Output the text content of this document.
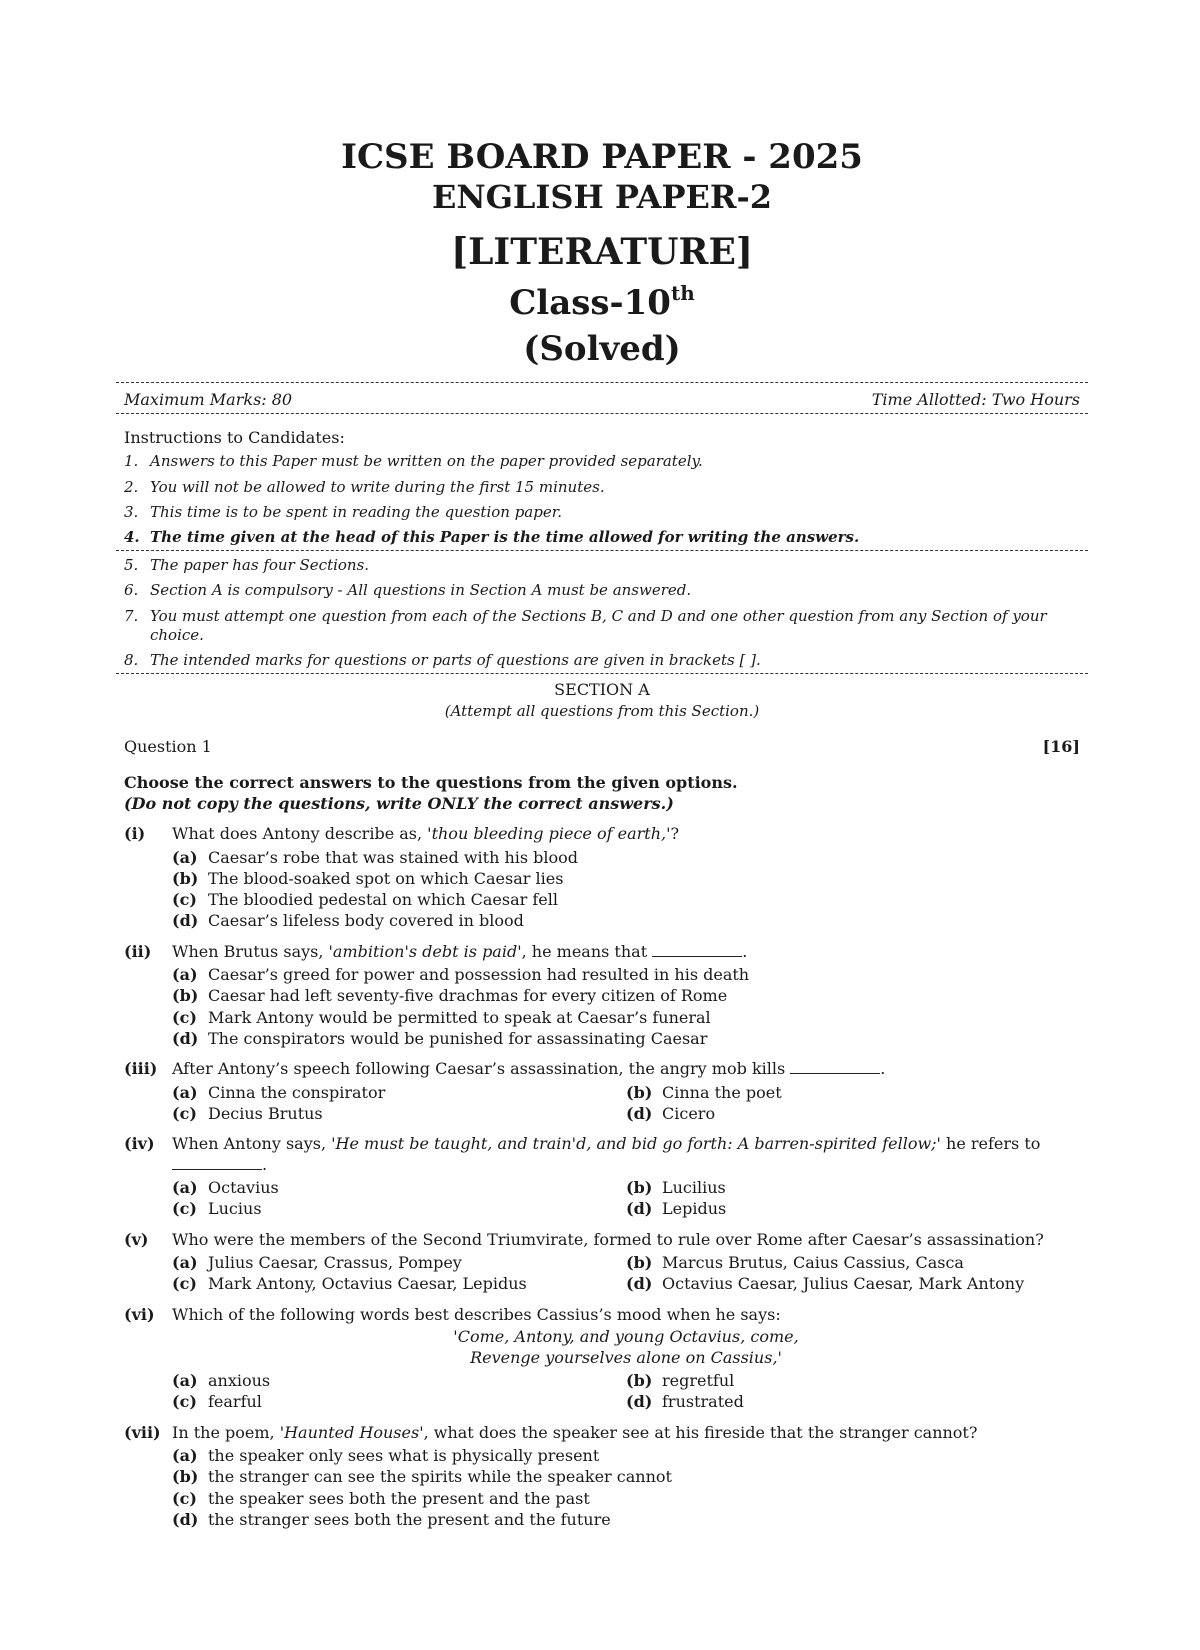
ICSE BOARD PAPER - 2025
ENGLISH PAPER-2
[LITERATURE]
Class-10th
(Solved)
Maximum Marks: 80	Time Allotted: Two Hours
Instructions to Candidates:
1. Answers to this Paper must be written on the paper provided separately.
2. You will not be allowed to write during the first 15 minutes.
3. This time is to be spent in reading the question paper.
4. The time given at the head of this Paper is the time allowed for writing the answers.
5. The paper has four Sections.
6. Section A is compulsory - All questions in Section A must be answered.
7. You must attempt one question from each of the Sections B, C and D and one other question from any Section of your choice.
8. The intended marks for questions or parts of questions are given in brackets [ ].
SECTION A
(Attempt all questions from this Section.)
Question 1	[16]
Choose the correct answers to the questions from the given options.
(Do not copy the questions, write ONLY the correct answers.)
(i)	What does Antony describe as, 'thou bleeding piece of earth,'?
(a) Caesar’s robe that was stained with his blood
(b) The blood-soaked spot on which Caesar lies
(c) The bloodied pedestal on which Caesar fell
(d) Caesar’s lifeless body covered in blood
(ii)	When Brutus says, 'ambition's debt is paid', he means that	.
(a) Caesar’s greed for power and possession had resulted in his death
(b) Caesar had left seventy-five drachmas for every citizen of Rome
(c) Mark Antony would be permitted to speak at Caesar’s funeral
(d) The conspirators would be punished for assassinating Caesar
(iii) After Antony’s speech following Caesar’s assassination, the angry mob kills	.
(a) Cinna the conspirator	(b) Cinna the poet
(c) Decius Brutus	(d) Cicero
(iv)	When Antony says, 'He must be taught, and train'd, and bid go forth: A barren-spirited fellow;' he refers to
.
(a) Octavius	(b) Lucilius
(c) Lucius	(d) Lepidus
(v)	Who were the members of the Second Triumvirate, formed to rule over Rome after Caesar’s assassination?
(a) Julius Caesar, Crassus, Pompey	(b) Marcus Brutus, Caius Cassius, Casca
(c) Mark Antony, Octavius Caesar, Lepidus	(d) Octavius Caesar, Julius Caesar, Mark Antony
(vi)	Which of the following words best describes Cassius’s mood when he says:
'Come, Antony, and young Octavius, come,
Revenge yourselves alone on Cassius,'
(a) anxious	(b) regretful
(c) fearful	(d) frustrated
(vii) In the poem, 'Haunted Houses', what does the speaker see at his fireside that the stranger cannot?
(a) the speaker only sees what is physically present
(b) the stranger can see the spirits while the speaker cannot
(c) the speaker sees both the present and the past
(d) the stranger sees both the present and the future
